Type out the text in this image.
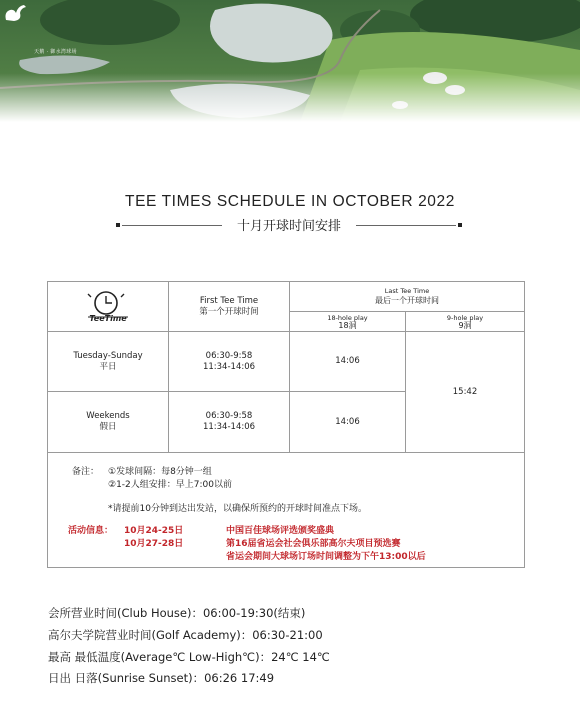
天鹅 · 御水湾球场
TEE TIMES SCHEDULE IN OCTOBER 2022
十月开球时间安排
TeeTime
First Tee Time
第一个开球时间
Last Tee Time
最后一个开球时间
18-hole play
18洞
9-hole play
9洞
Tuesday-Sunday
平日
06:30-9:58
11:34-14:06
14:06
Weekends
假日
06:30-9:58
11:34-14:06
14:06
15:42
备注： ①发球间隔：每8分钟一组
②1-2人组安排：早上7:00以前
*请提前10分钟到达出发站，以确保所预约的开球时间准点下场。
活动信息： 10月24-25日
10月27-28日
中国百佳球场评选颁奖盛典
第16届省运会社会俱乐部高尔夫项目预选赛
省运会期间大球场订场时间调整为下午13:00以后
会所营业时间(Club House)：06:00-19:30(结束)
高尔夫学院营业时间(Golf Academy)：06:30-21:00
最高 最低温度(Average℃ Low-High℃)：24℃ 14℃
日出 日落(Sunrise Sunset)：06:26 17:49
